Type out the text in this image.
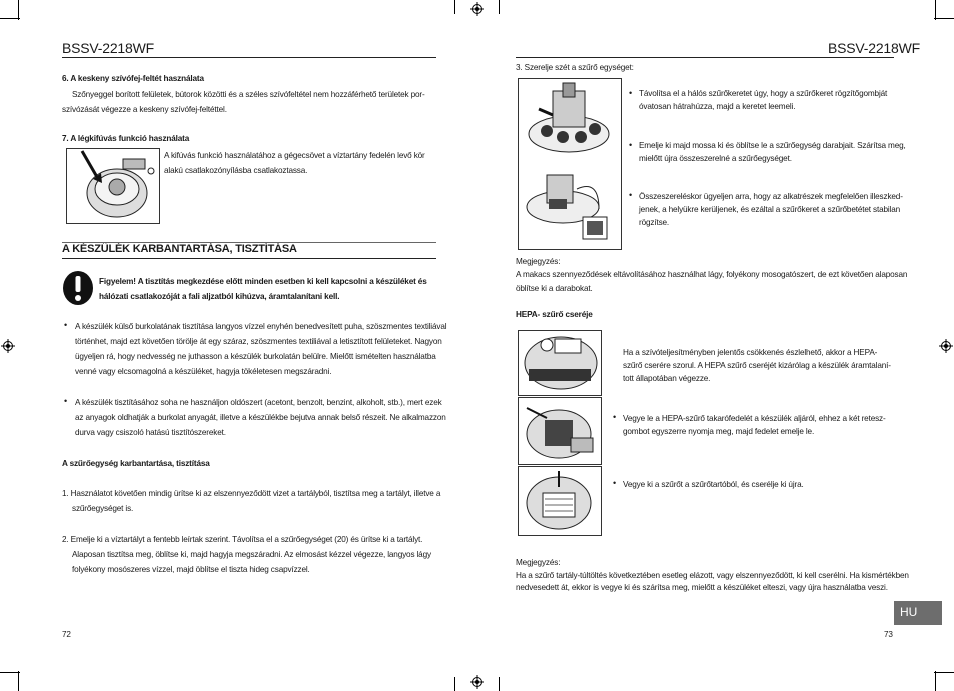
BSSV-2218WF
6. A keskeny szívófej-feltét használata
Szőnyeggel borított felületek, bútorok közötti és a széles szívófeltétel nem hozzáférhető területek por-
szívózását végezze a keskeny szívófej-feltéttel.
7. A légkifúvás funkció használata
A kifúvás funkció használatához a gégecsövet a víztartány fedelén levő kör
alakú csatlakozónyílásba csatlakoztassa.
A KÉSZÜLÉK KARBANTARTÁSA, TISZTÍTÁSA
Figyelem! A tisztítás megkezdése előtt minden esetben ki kell kapcsolni a készüléket és
hálózati csatlakozóját a fali aljzatból kihúzva, áramtalanítani kell.
• A készülék külső burkolatának tisztítása langyos vízzel enyhén benedvesített puha, szöszmentes textiliával
történhet, majd ezt követően törölje át egy száraz, szöszmentes textiliával a letisztított felületeket. Nagyon
ügyeljen rá, hogy nedvesség ne juthasson a készülék burkolatán belülre. Mielőtt ismételten használatba
venné vagy elcsomagolná a készüléket, hagyja tökéletesen megszáradni.
• A készülék tisztításához soha ne használjon oldószert (acetont, benzolt, benzint, alkoholt, stb.), mert ezek
az anyagok oldhatják a burkolat anyagát, illetve a készülékbe bejutva annak belső részeit. Ne alkalmazzon
durva vagy csiszoló hatású tisztítószereket.
A szűrőegység karbantartása, tisztítása
1. Használatot követően mindig ürítse ki az elszennyeződött vizet a tartályból, tisztítsa meg a tartályt, illetve a
szűrőegységet is.
2. Emelje ki a víztartályt a fentebb leírtak szerint. Távolítsa el a szűrőegységet (20) és ürítse ki a tartályt.
Alaposan tisztítsa meg, öblítse ki, majd hagyja megszáradni. Az elmosást kézzel végezze, langyos lágy
folyékony mosószeres vízzel, majd öblítse el tiszta hideg csapvízzel.
72
BSSV-2218WF
3. Szerelje szét a szűrő egységet:
• Távolítsa el a hálós szűrőkeretet úgy, hogy a szűrőkeret rögzítőgombját
óvatosan hátrahúzza, majd a keretet leemeli.
• Emelje ki majd mossa ki és öblítse le a szűrőegység darabjait. Szárítsa meg,
mielőtt újra összeszerelné a szűrőegységet.
• Összeszereléskor ügyeljen arra, hogy az alkatrészek megfelelően illeszked-
jenek, a helyükre kerüljenek, és ezáltal a szűrőkeret a szűrőbetétet stabilan
rögzítse.
Megjegyzés:
A makacs szennyeződések eltávolításához használhat lágy, folyékony mosogatószert, de ezt követően alaposan
öblítse ki a darabokat.
HEPA- szűrő cseréje
Ha a szívóteljesítményben jelentős csökkenés észlelhető, akkor a HEPA-
szűrő cserére szorul. A HEPA szűrő cseréjét kizárólag a készülék áramtalaní-
tott állapotában végezze.
• Vegye le a HEPA-szűrő takarófedelét a készülék aljáról, ehhez a két retesz-
gombot egyszerre nyomja meg, majd fedelet emelje le.
• Vegye ki a szűrőt a szűrőtartóból, és cserélje ki újra.
Megjegyzés:
Ha a szűrő tartály-túltöltés következtében esetleg elázott, vagy elszennyeződött, ki kell cserélni. Ha kismértékben
nedvesedett át, ekkor is vegye ki és szárítsa meg, mielőtt a készüléket elteszi, vagy újra használatba veszi.
HU
73
